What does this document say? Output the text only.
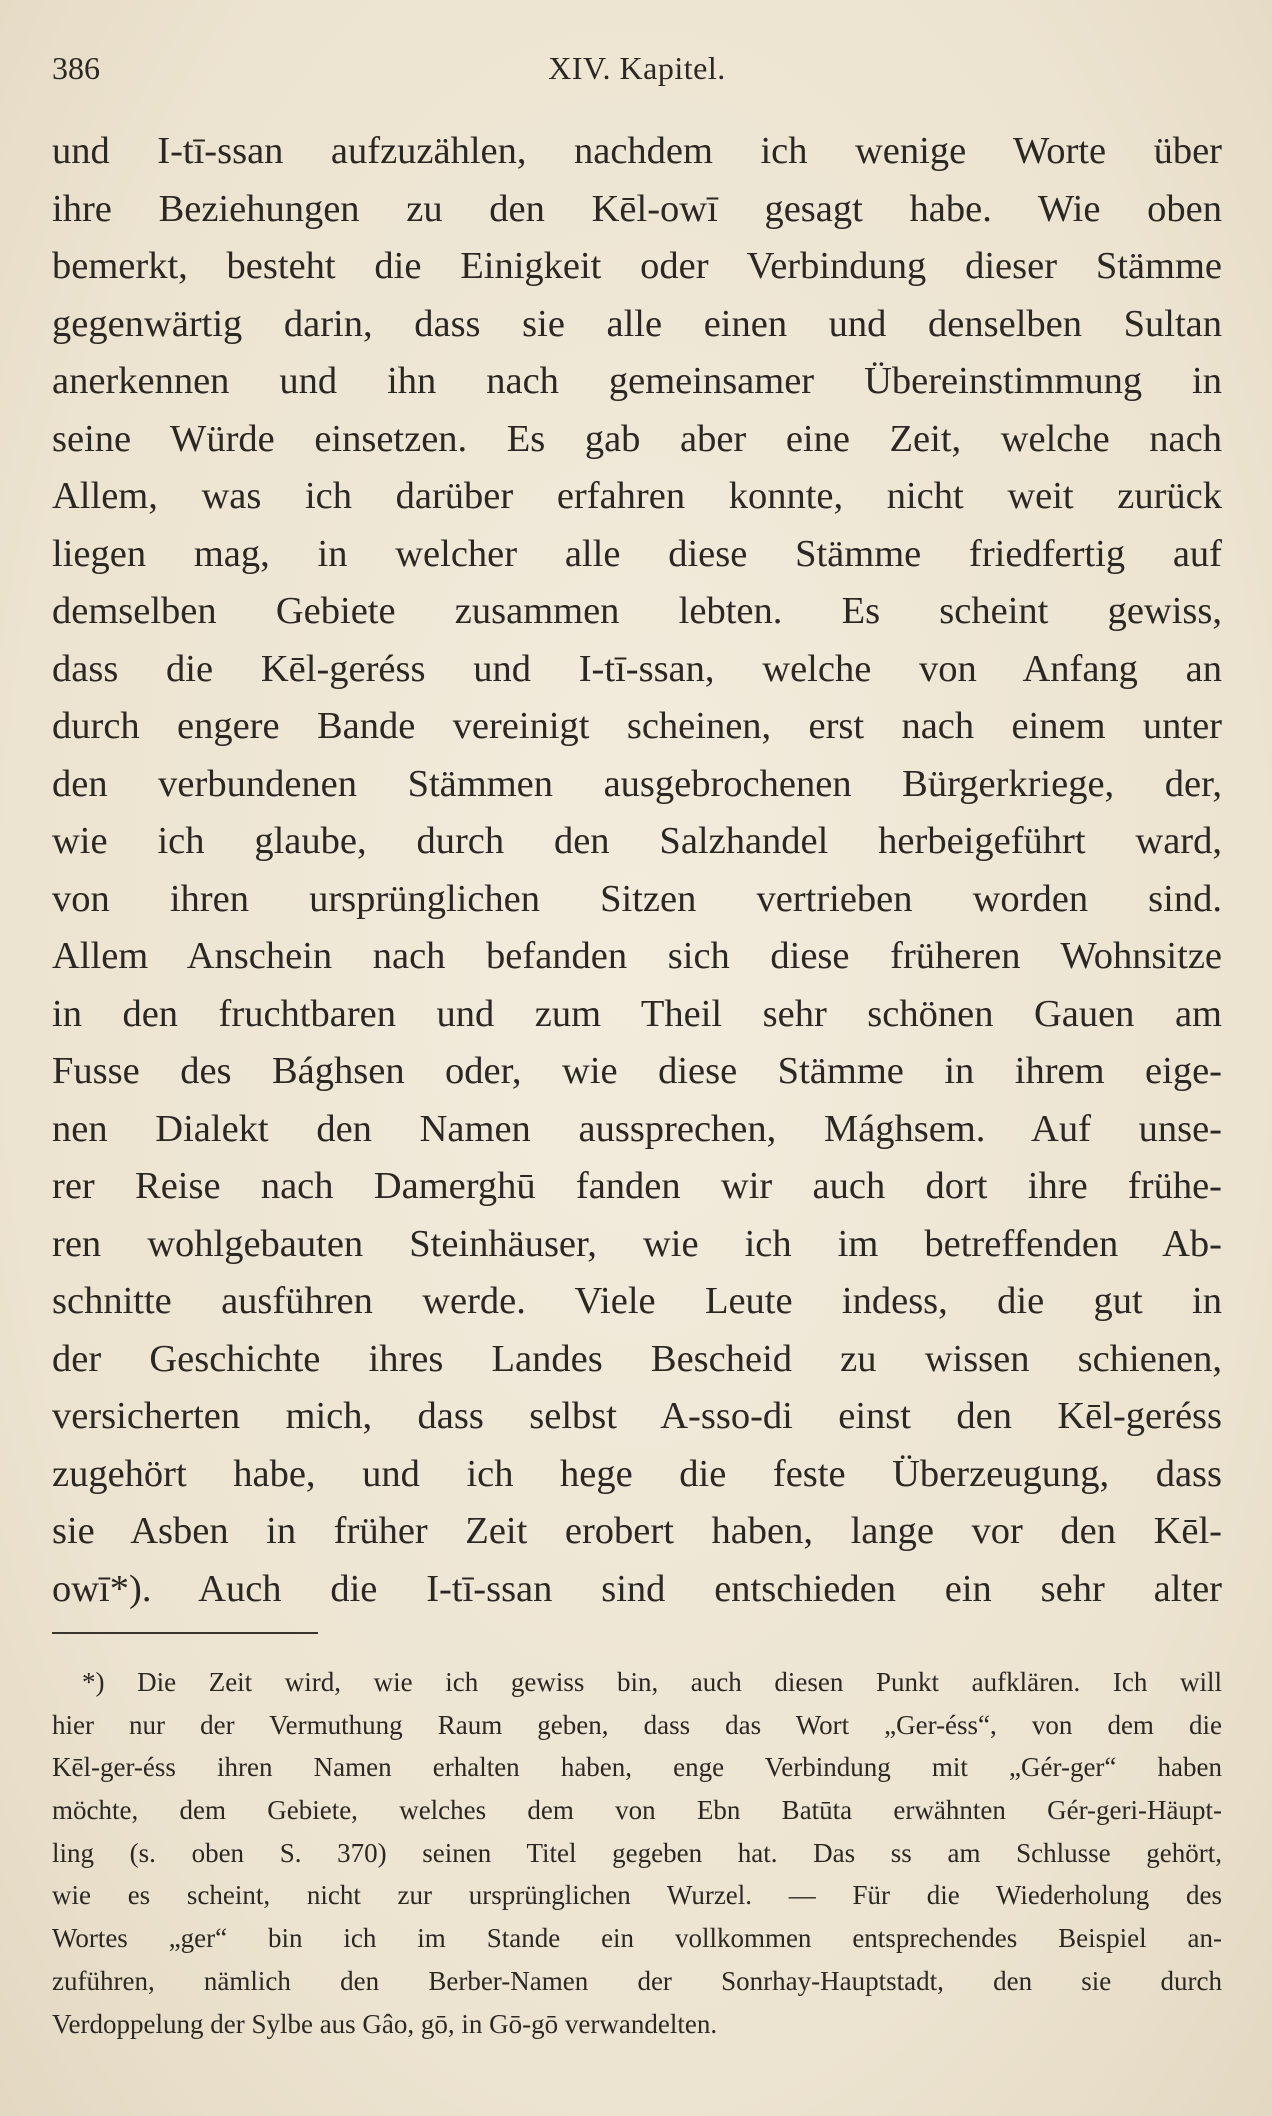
386	XIV. Kapitel.
und I-tī-ssan aufzuzählen, nachdem ich wenige Worte über
ihre Beziehungen zu den Kēl-owī gesagt habe. Wie oben
bemerkt, besteht die Einigkeit oder Verbindung dieser Stämme
gegenwärtig darin, dass sie alle einen und denselben Sultan
anerkennen und ihn nach gemeinsamer Übereinstimmung in
seine Würde einsetzen. Es gab aber eine Zeit, welche nach
Allem, was ich darüber erfahren konnte, nicht weit zurück
liegen mag, in welcher alle diese Stämme friedfertig auf
demselben Gebiete zusammen lebten. Es scheint gewiss,
dass die Kēl-geréss und I-tī-ssan, welche von Anfang an
durch engere Bande vereinigt scheinen, erst nach einem unter
den verbundenen Stämmen ausgebrochenen Bürgerkriege, der,
wie ich glaube, durch den Salzhandel herbeigeführt ward,
von ihren ursprünglichen Sitzen vertrieben worden sind.
Allem Anschein nach befanden sich diese früheren Wohnsitze
in den fruchtbaren und zum Theil sehr schönen Gauen am
Fusse des Bághsen oder, wie diese Stämme in ihrem eige-
nen Dialekt den Namen aussprechen, Mághsem. Auf unse-
rer Reise nach Damerghū fanden wir auch dort ihre frühe-
ren wohlgebauten Steinhäuser, wie ich im betreffenden Ab-
schnitte ausführen werde. Viele Leute indess, die gut in
der Geschichte ihres Landes Bescheid zu wissen schienen,
versicherten mich, dass selbst A-sso-di einst den Kēl-geréss
zugehört habe, und ich hege die feste Überzeugung, dass
sie Asben in früher Zeit erobert haben, lange vor den Kēl-
owī*). Auch die I-tī-ssan sind entschieden ein sehr alter
*) Die Zeit wird, wie ich gewiss bin, auch diesen Punkt aufklären. Ich will
hier nur der Vermuthung Raum geben, dass das Wort „Ger-éss“, von dem die
Kēl-ger-éss ihren Namen erhalten haben, enge Verbindung mit „Gér-ger“ haben
möchte, dem Gebiete, welches dem von Ebn Batūta erwähnten Gér-geri-Häupt-
ling (s. oben S. 370) seinen Titel gegeben hat. Das ss am Schlusse gehört,
wie es scheint, nicht zur ursprünglichen Wurzel. — Für die Wiederholung des
Wortes „ger“ bin ich im Stande ein vollkommen entsprechendes Beispiel an-
zuführen, nämlich den Berber-Namen der Sonrhay-Hauptstadt, den sie durch
Verdoppelung der Sylbe aus Gâo, gō, in Gō-gō verwandelten.
